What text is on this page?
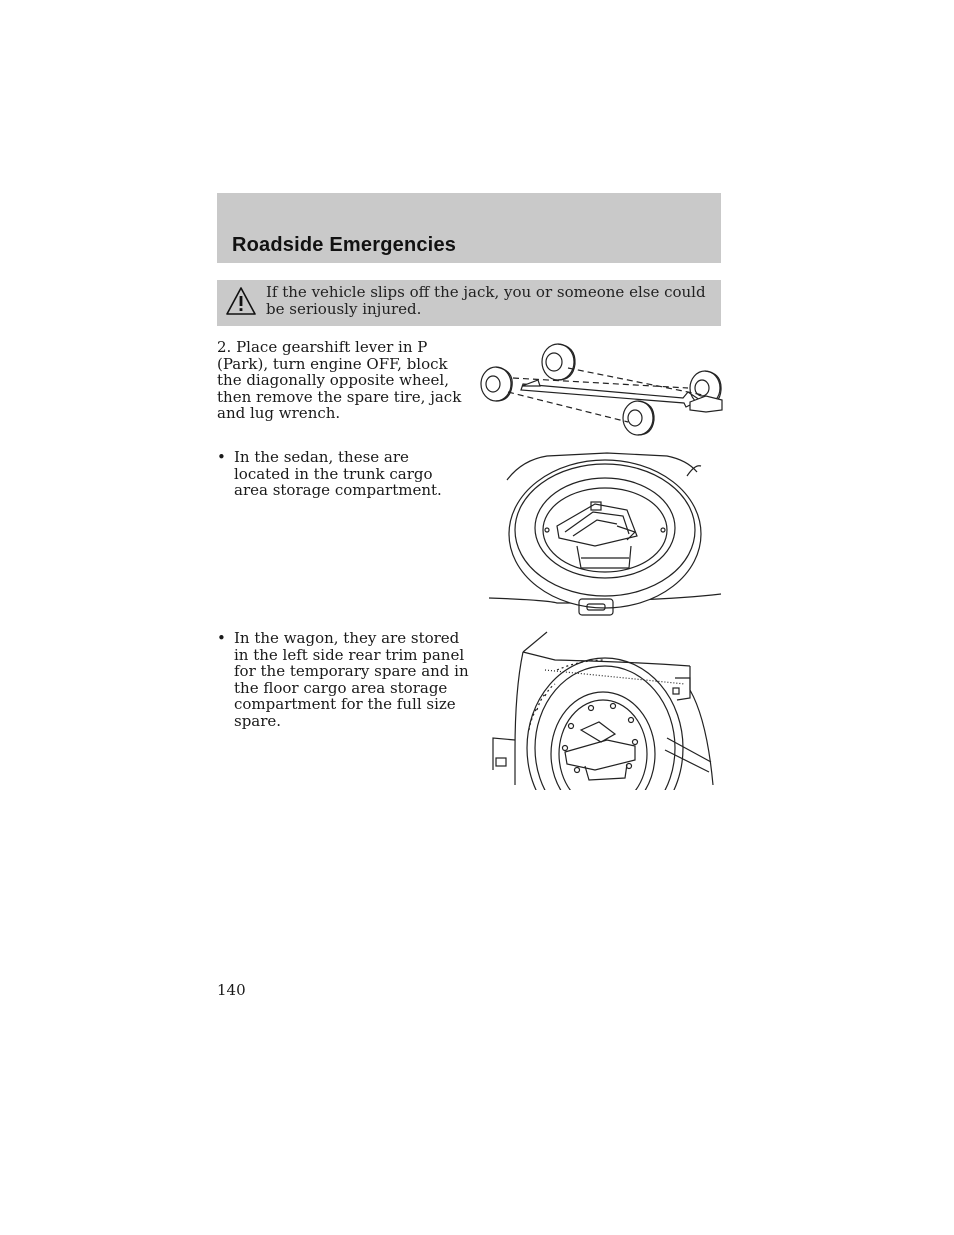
Roadside Emergencies
If the vehicle slips off the jack, you or someone else could be seriously injured.
2. Place gearshift lever in P (Park), turn engine OFF, block the diagonally opposite wheel, then remove the spare tire, jack and lug wrench.
• In the sedan, these are located in the trunk cargo area storage compartment.
• In the wagon, they are stored in the left side rear trim panel for the temporary spare and in the floor cargo area storage compartment for the full size spare.
140
